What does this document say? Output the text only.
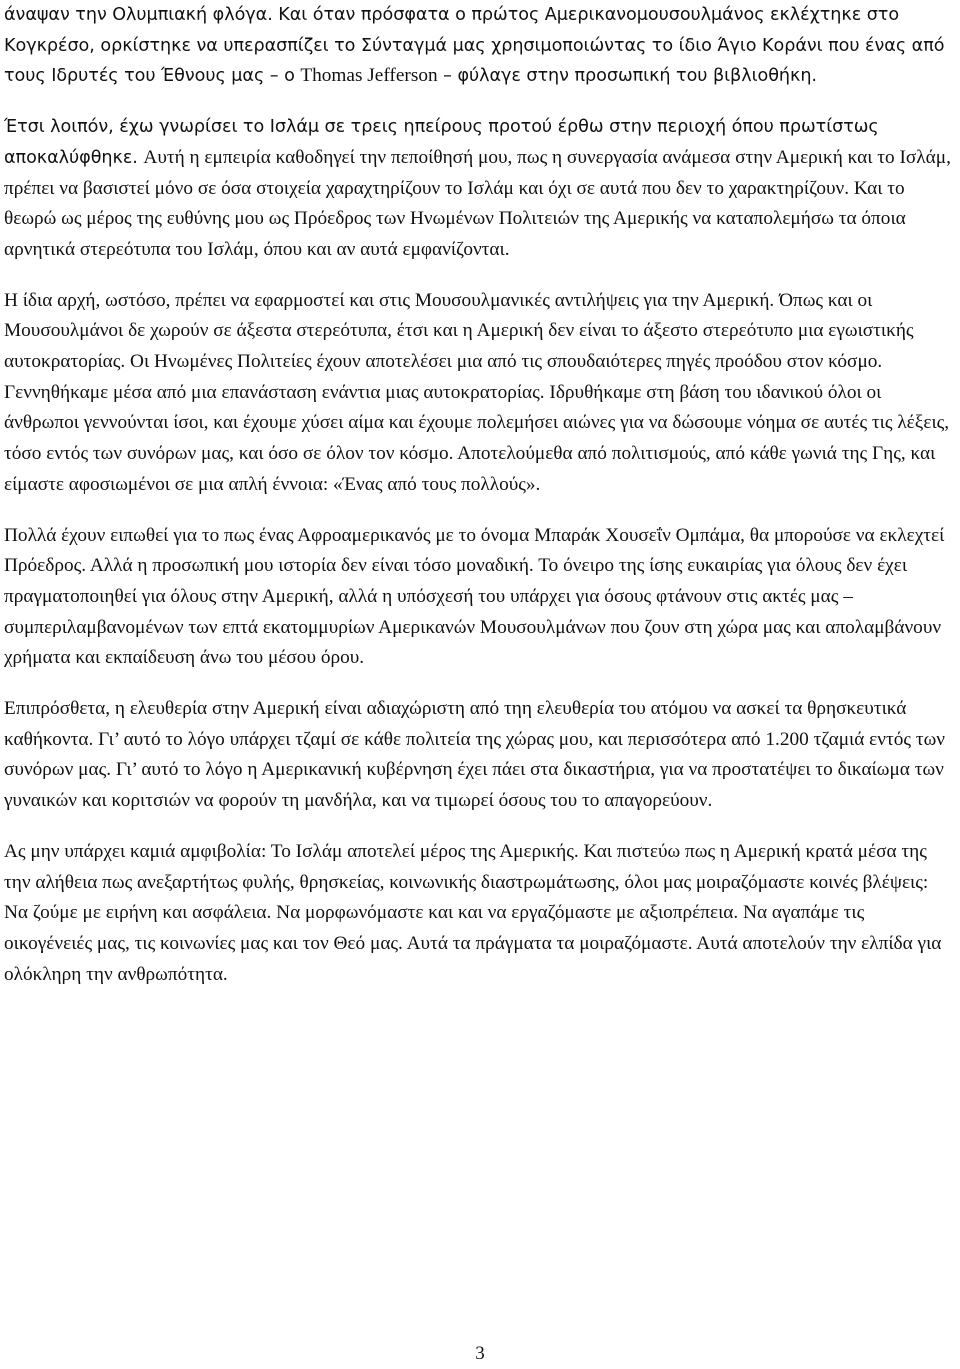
άναψαν την Ολυμπιακή φλόγα. Και όταν πρόσφατα ο πρώτος Αμερικανομουσουλμάνος εκλέχτηκε στο Κογκρέσο, ορκίστηκε να υπερασπίζει το Σύνταγμά μας χρησιμοποιώντας το ίδιο Άγιο Κοράνι που ένας από τους Ιδρυτές του Έθνους μας – ο Thomas Jefferson – φύλαγε στην προσωπική του βιβλιοθήκη.

Έτσι λοιπόν, έχω γνωρίσει το Ισλάμ σε τρεις ηπείρους προτού έρθω στην περιοχή όπου πρωτίστως αποκαλύφθηκε. Αυτή η εμπειρία καθοδηγεί την πεποίθησή μου, πως η συνεργασία ανάμεσα στην Αμερική και το Ισλάμ, πρέπει να βασιστεί μόνο σε όσα στοιχεία χαραχτηρίζουν το Ισλάμ και όχι σε αυτά που δεν το χαρακτηρίζουν. Και το θεωρώ ως μέρος της ευθύνης μου ως Πρόεδρος των Ηνωμένων Πολιτειών της Αμερικής να καταπολεμήσω τα όποια αρνητικά στερεότυπα του Ισλάμ, όπου και αν αυτά εμφανίζονται.

Η ίδια αρχή, ωστόσο, πρέπει να εφαρμοστεί και στις Μουσουλμανικές αντιλήψεις για την Αμερική. Όπως και οι Μουσουλμάνοι δε χωρούν σε άξεστα στερεότυπα, έτσι και η Αμερική δεν είναι το άξεστο στερεότυπο μια εγωιστικής αυτοκρατορίας. Οι Ηνωμένες Πολιτείες έχουν αποτελέσει μια από τις σπουδαιότερες πηγές προόδου στον κόσμο. Γεννηθήκαμε μέσα από μια επανάσταση ενάντια μιας αυτοκρατορίας. Ιδρυθήκαμε στη βάση του ιδανικού όλοι οι άνθρωποι γεννούνται ίσοι, και έχουμε χύσει αίμα και έχουμε πολεμήσει αιώνες για να δώσουμε νόημα σε αυτές τις λέξεις, τόσο εντός των συνόρων μας, και όσο σε όλον τον κόσμο. Αποτελούμεθα από πολιτισμούς, από κάθε γωνιά της Γης, και είμαστε αφοσιωμένοι σε μια απλή έννοια: «Ένας από τους πολλούς».

Πολλά έχουν ειπωθεί για το πως ένας Αφροαμερικανός με το όνομα Μπαράκ Χουσεΐν Ομπάμα, θα μπορούσε να εκλεχτεί Πρόεδρος. Αλλά η προσωπική μου ιστορία δεν είναι τόσο μοναδική. Το όνειρο της ίσης ευκαιρίας για όλους δεν έχει πραγματοποιηθεί για όλους στην Αμερική, αλλά η υπόσχεσή του υπάρχει για όσους φτάνουν στις ακτές μας – συμπεριλαμβανομένων των επτά εκατομμυρίων Αμερικανών Μουσουλμάνων που ζουν στη χώρα μας και απολαμβάνουν χρήματα και εκπαίδευση άνω του μέσου όρου.

Επιπρόσθετα, η ελευθερία στην Αμερική είναι αδιαχώριστη από τηη ελευθερία του ατόμου να ασκεί τα θρησκευτικά καθήκοντα. Γι’ αυτό το λόγο υπάρχει τζαμί σε κάθε πολιτεία της χώρας μου, και περισσότερα από 1.200 τζαμιά εντός των συνόρων μας. Γι’ αυτό το λόγο η Αμερικανική κυβέρνηση έχει πάει στα δικαστήρια, για να προστατέψει το δικαίωμα των γυναικών και κοριτσιών να φορούν τη μανδήλα, και να τιμωρεί όσους του το απαγορεύουν.

Ας μην υπάρχει καμιά αμφιβολία: Το Ισλάμ αποτελεί μέρος της Αμερικής. Και πιστεύω πως η Αμερική κρατά μέσα της την αλήθεια πως ανεξαρτήτως φυλής, θρησκείας, κοινωνικής διαστρωμάτωσης, όλοι μας μοιραζόμαστε κοινές βλέψεις: Να ζούμε με ειρήνη και ασφάλεια. Να μορφωνόμαστε και και να εργαζόμαστε με αξιοπρέπεια. Να αγαπάμε τις οικογένειές μας, τις κοινωνίες μας και τον Θεό μας. Αυτά τα πράγματα τα μοιραζόμαστε. Αυτά αποτελούν την ελπίδα για ολόκληρη την ανθρωπότητα.

3
